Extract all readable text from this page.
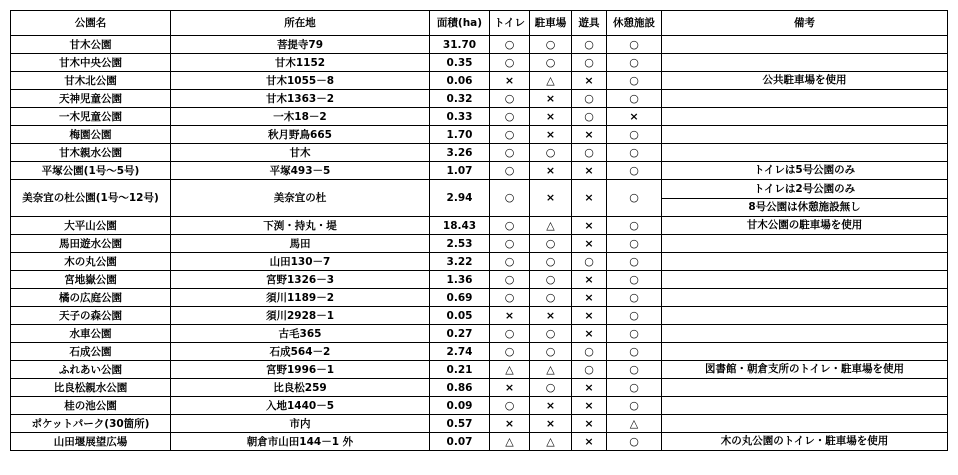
公園名	所在地	面積(ha)	トイレ	駐車場	遊具	休憩施設	備考
甘木公園	菩提寺79	31.70	○	○	○	○	

甘木中央公園	甘木1152	0.35	○	○	○	○	

甘木北公園	甘木1055－8	0.06	×	△	×	○	公共駐車場を使用

天神児童公園	甘木1363－2	0.32	○	×	○	○	

一木児童公園	一木18－2	0.33	○	×	○	×	

梅園公園	秋月野鳥665	1.70	○	×	×	○	

甘木親水公園	甘木	3.26	○	○	○	○	

平塚公園(1号～5号)	平塚493－5	1.07	○	×	×	○	トイレは5号公園のみ

美奈宜の杜公園(1号～12号)	美奈宜の杜	2.94	○	×	×	○	トイレは2号公園のみ
8号公園は休憩施設無し

大平山公園	下渕・持丸・堤	18.43	○	△	×	○	甘木公園の駐車場を使用

馬田遊水公園	馬田	2.53	○	○	×	○	

木の丸公園	山田130－7	3.22	○	○	○	○	

宮地嶽公園	宮野1326－3	1.36	○	○	×	○	

橘の広庭公園	須川1189－2	0.69	○	○	×	○	

天子の森公園	須川2928－1	0.05	×	×	×	○	

水車公園	古毛365	0.27	○	○	×	○	

石成公園	石成564－2	2.74	○	○	○	○	

ふれあい公園	宮野1996－1	0.21	△	△	○	○	図書館・朝倉支所のトイレ・駐車場を使用

比良松親水公園	比良松259	0.86	×	○	×	○	

桂の池公園	入地1440－5	0.09	○	×	×	○	

ポケットパーク(30箇所)	市内	0.57	×	×	×	△	

山田堰展望広場	朝倉市山田144－1 外	0.07	△	△	×	○	木の丸公園のトイレ・駐車場を使用
